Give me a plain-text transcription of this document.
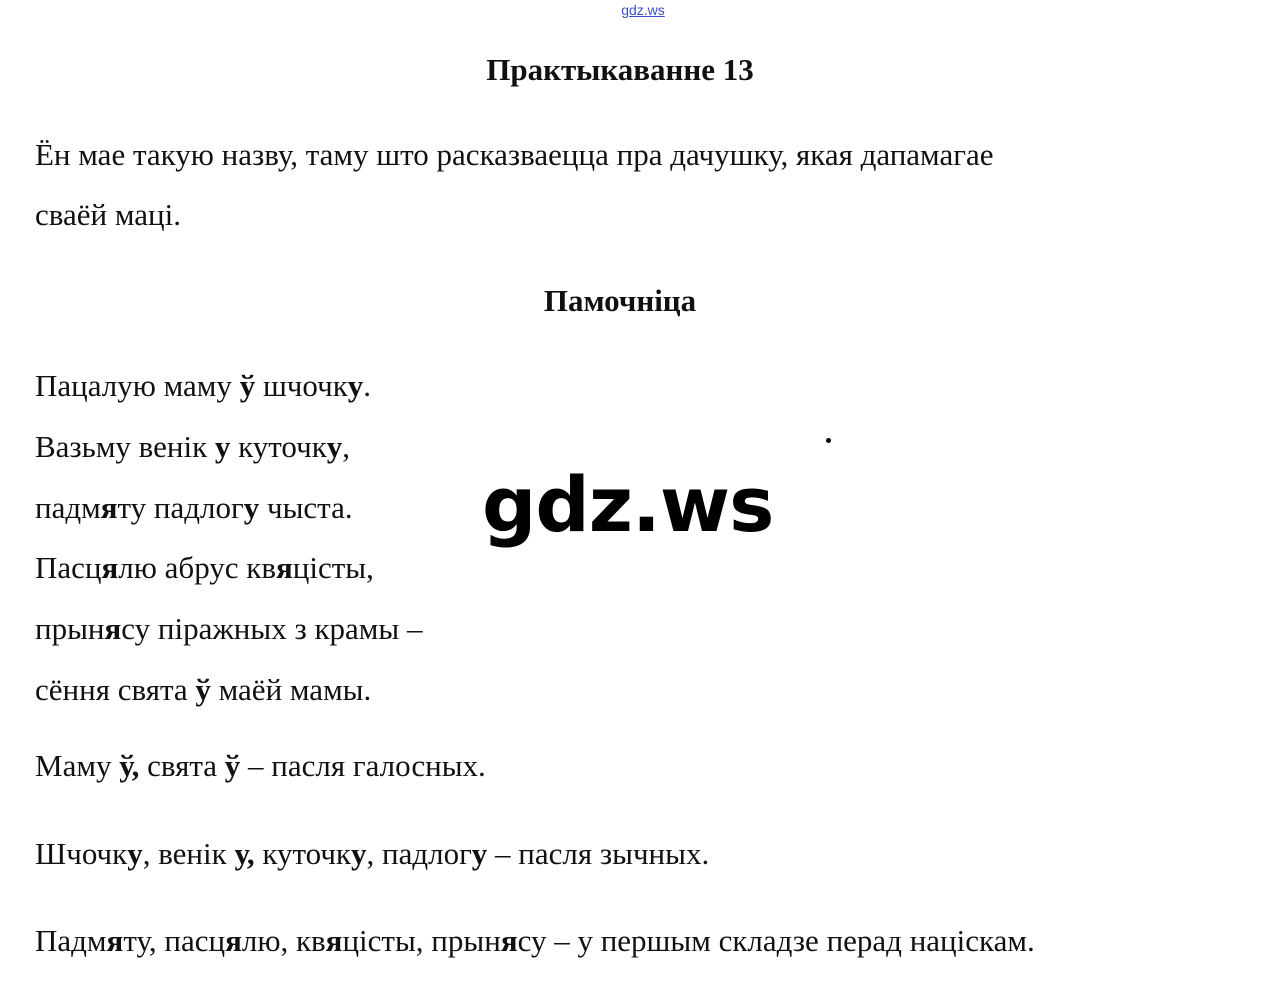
gdz.ws
Практыкаванне 13
Ён мае такую назву, таму што расказваецца пра дачушку, якая дапамагае
сваёй маці.
Памочніца
Пацалую маму ў шчочку.
Вазьму венік у куточку,
падмяту падлогу чыста.
Пасцялю абрус квяцісты,
прынясу піражных з крамы –
сёння свята ў маёй мамы.
Маму ў, свята ў – пасля галосных.
Шчочку, венік у, куточку, падлогу – пасля зычных.
Падмяту, пасцялю, квяцісты, прынясу – у першым складзе перад націскам.
gdz.ws
